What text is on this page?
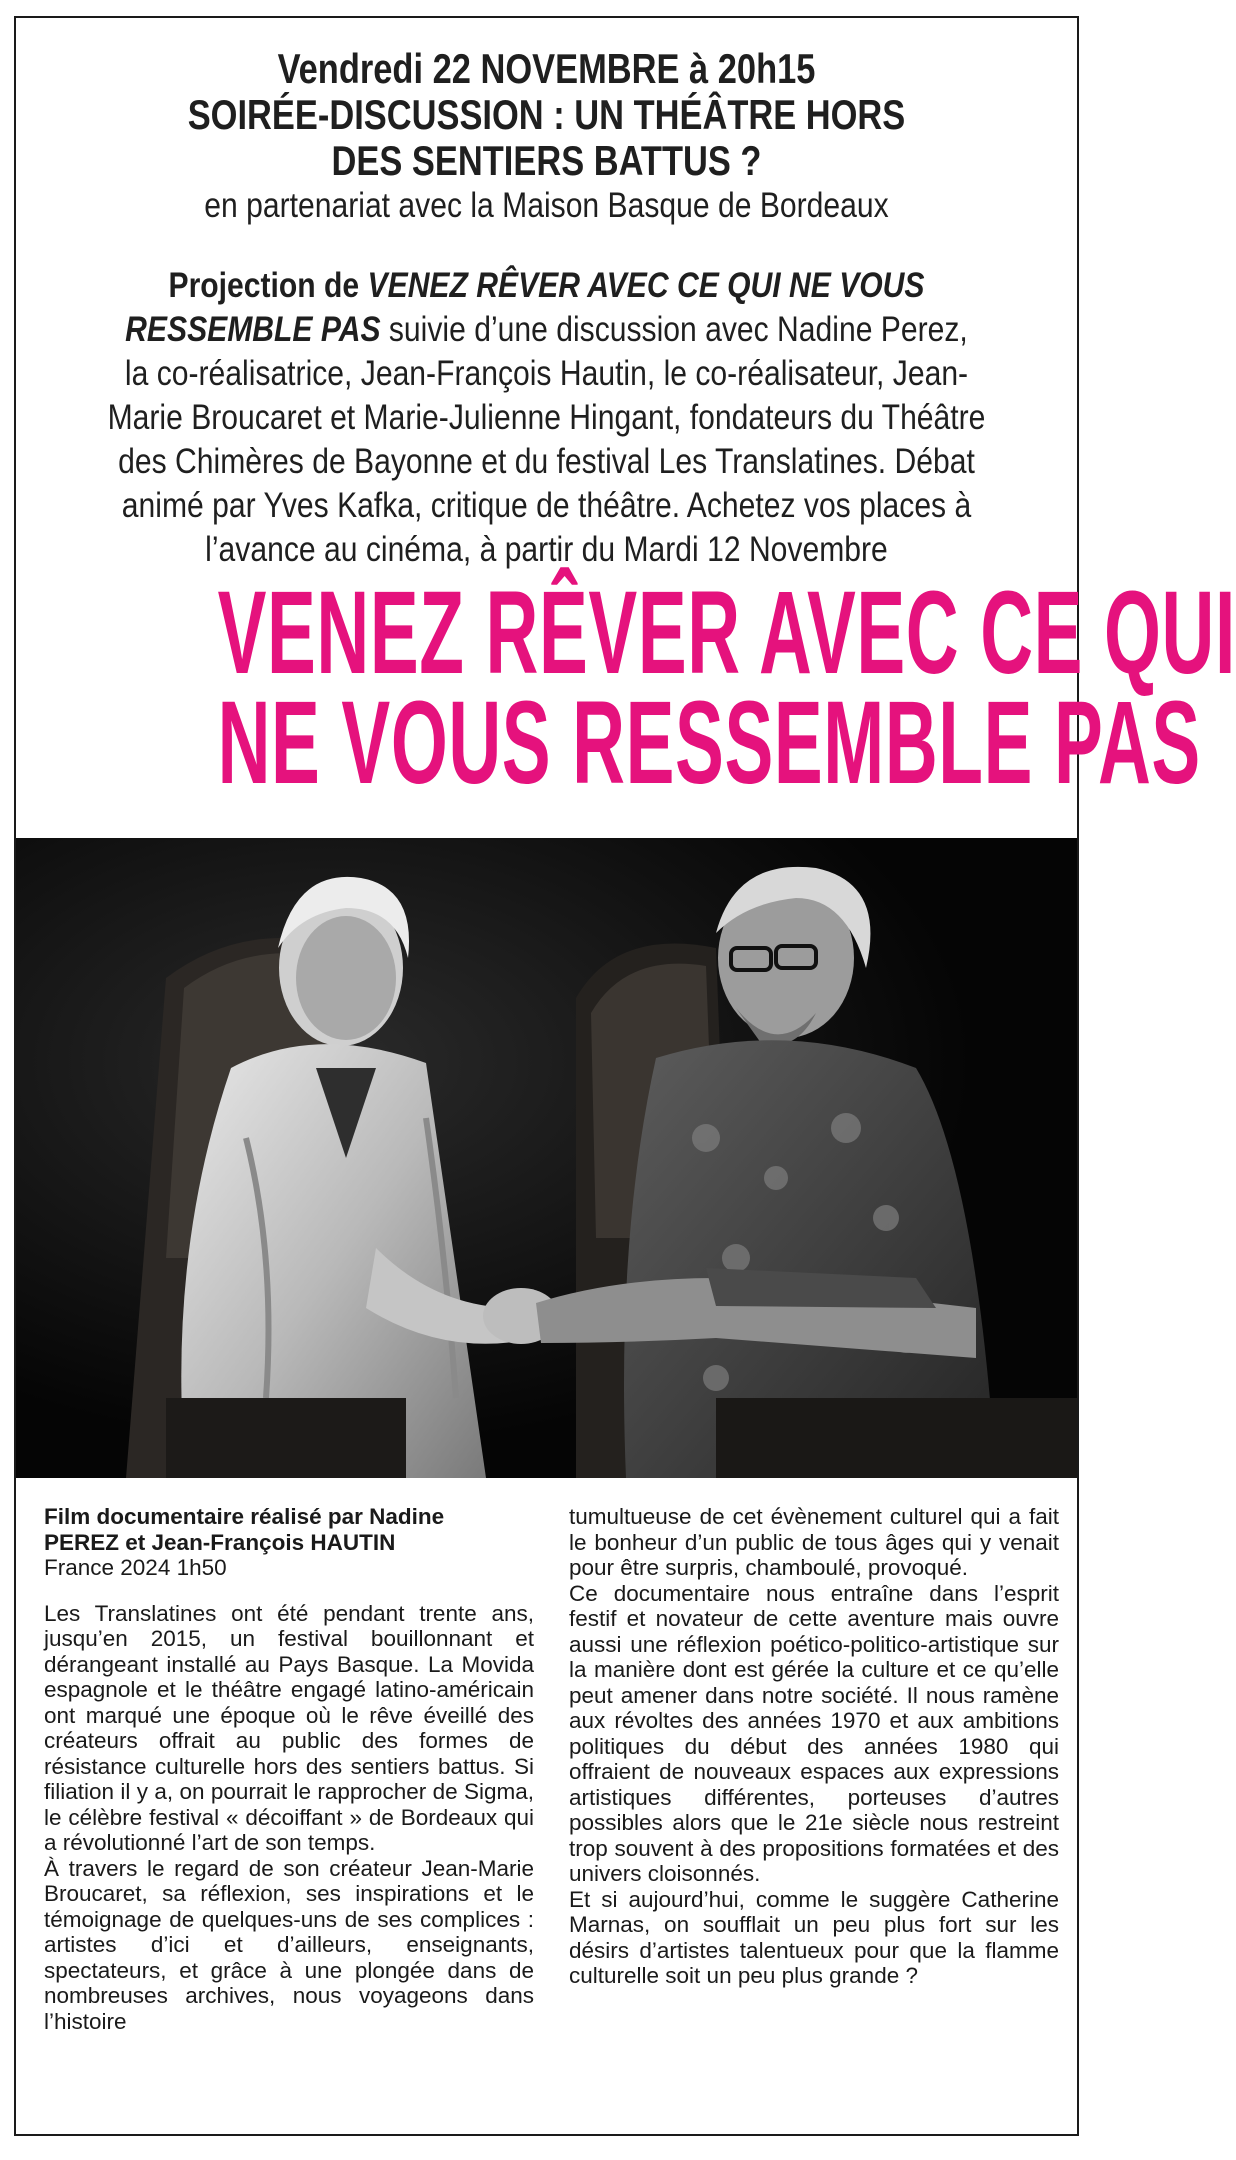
Vendredi 22 NOVEMBRE à 20h15
SOIRÉE-DISCUSSION : UN THÉÂTRE HORS
DES SENTIERS BATTUS ?
en partenariat avec la Maison Basque de Bordeaux
Projection de VENEZ RÊVER AVEC CE QUI NE VOUS
RESSEMBLE PAS suivie d’une discussion avec Nadine Perez,
la co-réalisatrice, Jean-François Hautin, le co-réalisateur, Jean-
Marie Broucaret et Marie-Julienne Hingant, fondateurs du Théâtre
des Chimères de Bayonne et du festival Les Translatines. Débat
animé par Yves Kafka, critique de théâtre. Achetez vos places à
l’avance au cinéma, à partir du Mardi 12 Novembre
VENEZ RÊVER AVEC CE QUI
NE VOUS RESSEMBLE PAS
Film documentaire réalisé par Nadine
PEREZ et Jean-François HAUTIN
France 2024 1h50

Les Translatines ont été pendant trente ans, jusqu’en 2015, un festival bouillonnant et dérangeant installé au Pays Basque. La Movida espagnole et le théâtre engagé latino-américain ont marqué une époque où le rêve éveillé des créateurs offrait au public des formes de résistance culturelle hors des sentiers battus. Si filiation il y a, on pourrait le rapprocher de Sigma, le célèbre festival « décoiffant » de Bordeaux qui a révolutionné l’art de son temps.

À travers le regard de son créateur Jean-Marie Broucaret, sa réflexion, ses inspirations et le témoignage de quelques-uns de ses complices : artistes d’ici et d’ailleurs, enseignants, spectateurs, et grâce à une plongée dans de nombreuses archives, nous voyageons dans l’histoire

tumultueuse de cet évènement culturel qui a fait le bonheur d’un public de tous âges qui y venait pour être surpris, chamboulé, provoqué.

Ce documentaire nous entraîne dans l’esprit festif et novateur de cette aventure mais ouvre aussi une réflexion poético-politico-artistique sur la manière dont est gérée la culture et ce qu’elle peut amener dans notre société. Il nous ramène aux révoltes des années 1970 et aux ambitions politiques du début des années 1980 qui offraient de nouveaux espaces aux expressions artistiques différentes, porteuses d’autres possibles alors que le 21e siècle nous restreint trop souvent à des propositions formatées et des univers cloisonnés.

Et si aujourd’hui, comme le suggère Catherine Marnas, on soufflait un peu plus fort sur les désirs d’artistes talentueux pour que la flamme culturelle soit un peu plus grande ?
